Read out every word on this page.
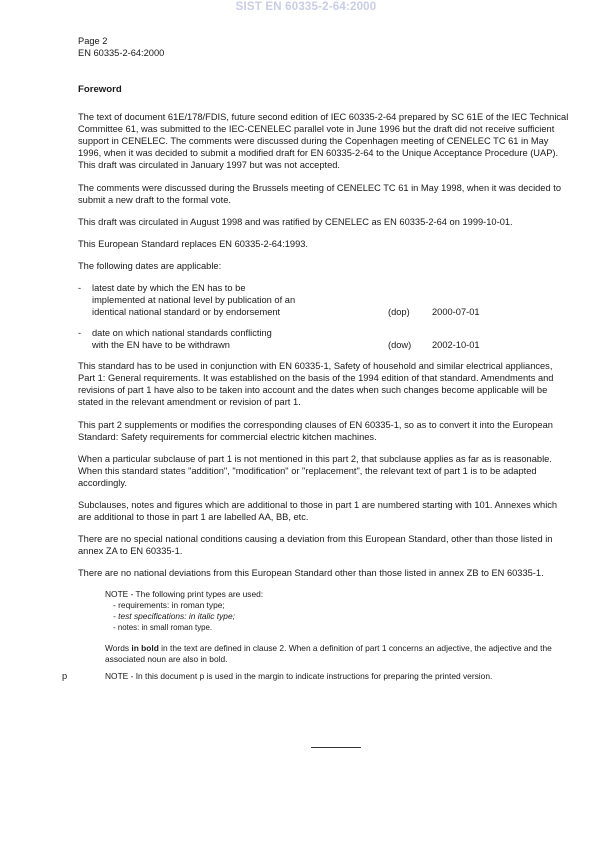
SIST EN 60335-2-64:2000
Page 2
EN 60335-2-64:2000
Foreword

The text of document 61E/178/FDIS, future second edition of IEC 60335-2-64 prepared by SC 61E of the IEC Technical Committee 61, was submitted to the IEC-CENELEC parallel vote in June 1996 but the draft did not receive sufficient support in CENELEC. The comments were discussed during the Copenhagen meeting of CENELEC TC 61 in May 1996, when it was decided to submit a modified draft for EN 60335-2-64 to the Unique Acceptance Procedure (UAP). This draft was circulated in January 1997 but was not accepted.

The comments were discussed during the Brussels meeting of CENELEC TC 61 in May 1998, when it was decided to submit a new draft to the formal vote.

This draft was circulated in August 1998 and was ratified by CENELEC as EN 60335-2-64 on 1999-10-01.

This European Standard replaces EN 60335-2-64:1993.

The following dates are applicable:

-	latest date by which the EN has to be
implemented at national level by publication of an
identical national standard or by endorsement	(dop)	2000-07-01
-	date on which national standards conflicting
with the EN have to be withdrawn	(dow)	2002-10-01

This standard has to be used in conjunction with EN 60335-1, Safety of household and similar electrical appliances, Part 1: General requirements. It was established on the basis of the 1994 edition of that standard. Amendments and revisions of part 1 have also to be taken into account and the dates when such changes become applicable will be stated in the relevant amendment or revision of part 1.

This part 2 supplements or modifies the corresponding clauses of EN 60335-1, so as to convert it into the European Standard: Safety requirements for commercial electric kitchen machines.

When a particular subclause of part 1 is not mentioned in this part 2, that subclause applies as far as is reasonable. When this standard states "addition", "modification" or "replacement", the relevant text of part 1 is to be adapted accordingly.

Subclauses, notes and figures which are additional to those in part 1 are numbered starting with 101. Annexes which are additional to those in part 1 are labelled AA, BB, etc.

There are no special national conditions causing a deviation from this European Standard, other than those listed in annex ZA to EN 60335-1.

There are no national deviations from this European Standard other than those listed in annex ZB to EN 60335-1.

NOTE - The following print types are used:

- requirements: in roman type;

- test specifications: in italic type;

- notes: in small roman type.

Words in bold in the text are defined in clause 2. When a definition of part 1 concerns an adjective, the adjective and the associated noun are also in bold.
p	NOTE - In this document p is used in the margin to indicate instructions for preparing the printed version.
